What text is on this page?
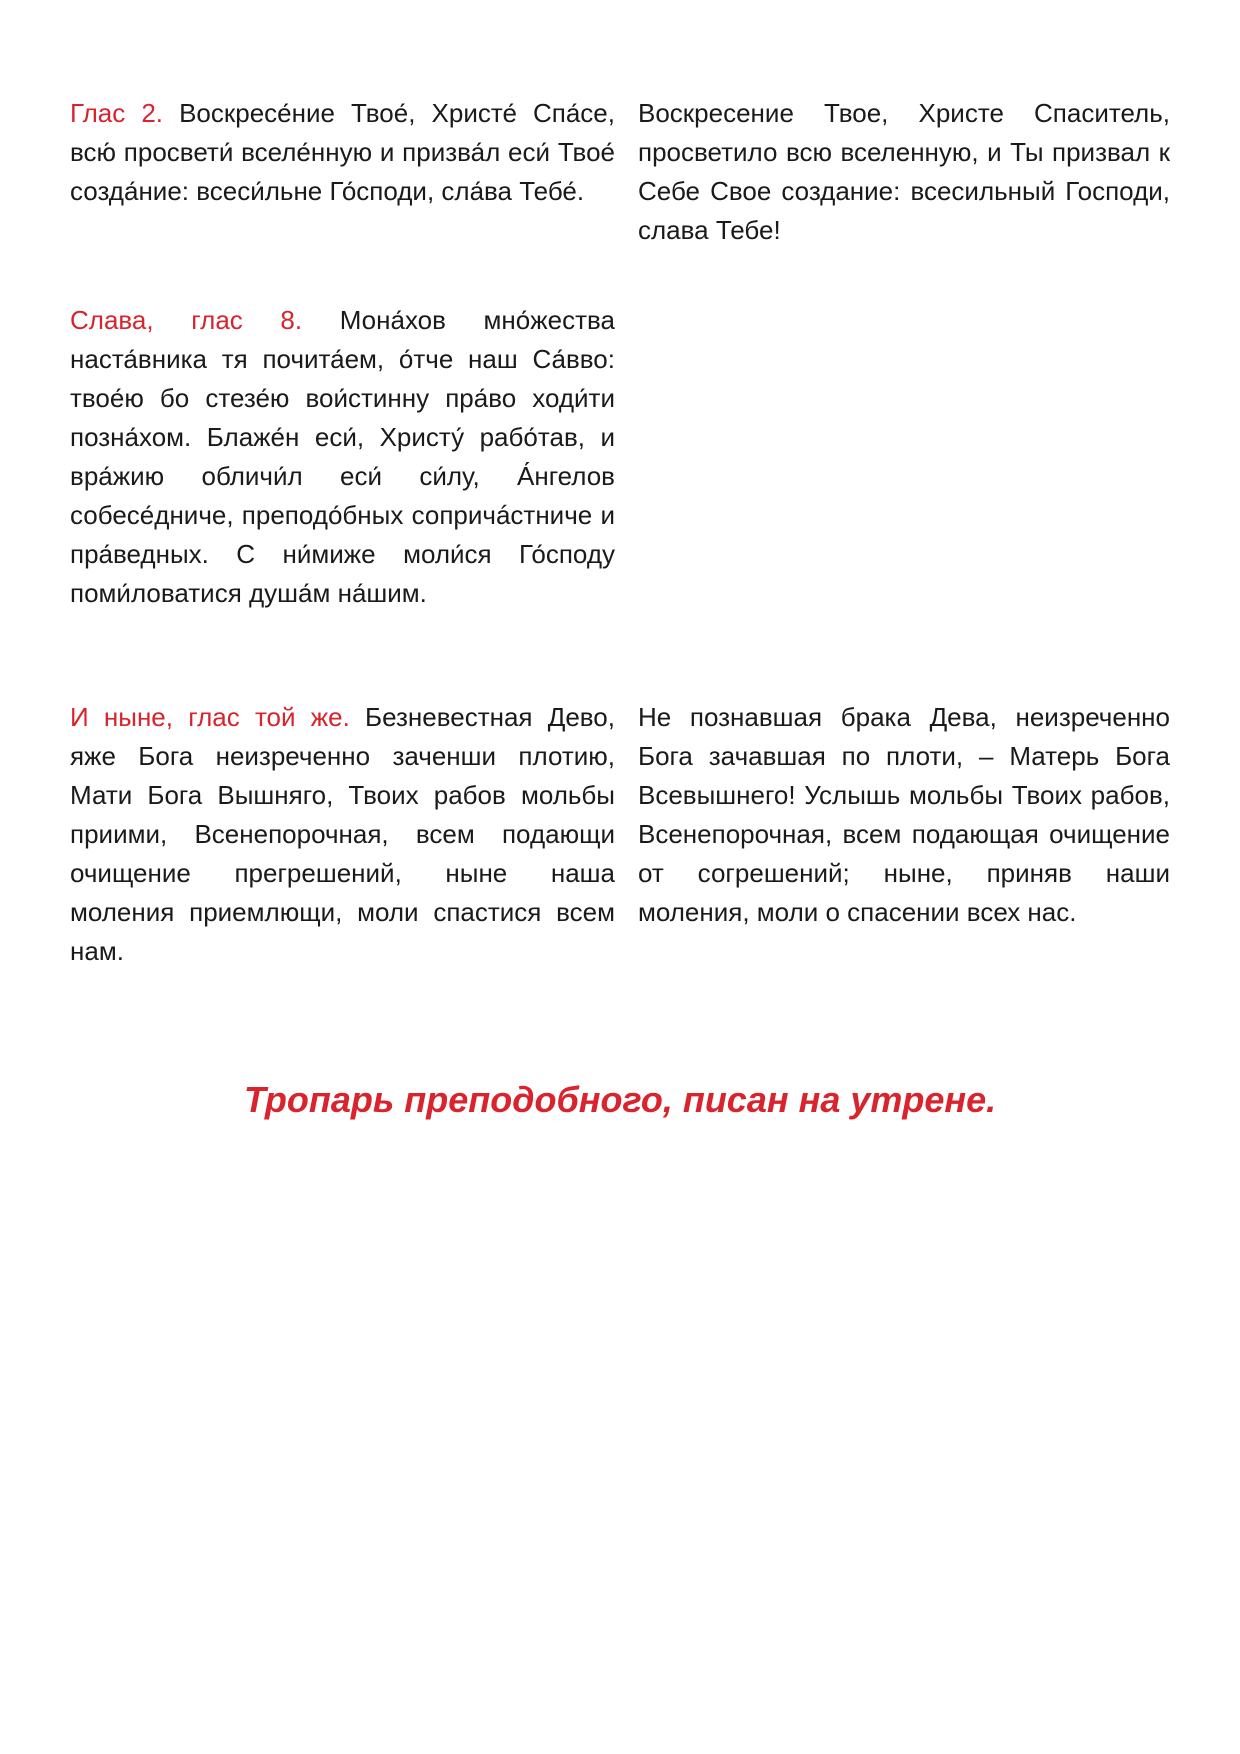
Глас 2. Воскресе́ние Твое́, Христе́ Спа́се, всю́ просвети́ вселе́нную и призва́л еси́ Твое́ созда́ние: всеси́льне Го́споди, сла́ва Тебе́.
Воскресение Твое, Христе Спаситель, просветило всю вселенную, и Ты призвал к Себе Свое создание: всесильный Господи, слава Тебе!
Слава, глас 8. Мона́хов мно́жества наста́вника тя почита́ем, о́тче наш Са́вво: твое́ю бо стезе́ю вои́стинну пра́во ходи́ти позна́хом. Блаже́н еси́, Христу́ рабо́тав, и вра́жию обличи́л еси́ си́лу, А́нгелов собесе́дниче, преподо́бных сопричáстниче и пра́ведных. С ни́миже моли́ся Го́споду поми́ловатися душа́м на́шим.
И ныне, глас той же. Безневестная Дево, яже Бога неизреченно заченши плотию, Мати Бога Вышняго, Твоих рабов мольбы приими, Всенепорочная, всем подающи очищение прегрешений, ныне наша моления приемлющи, моли спастися всем нам.
Не познавшая брака Дева, неизреченно Бога зачавшая по плоти, – Матерь Бога Всевышнего! Услышь мольбы Твоих рабов, Всенепорочная, всем подающая очищение от согрешений; ныне, приняв наши моления, моли о спасении всех нас.
Тропарь преподобного, писан на утрене.
